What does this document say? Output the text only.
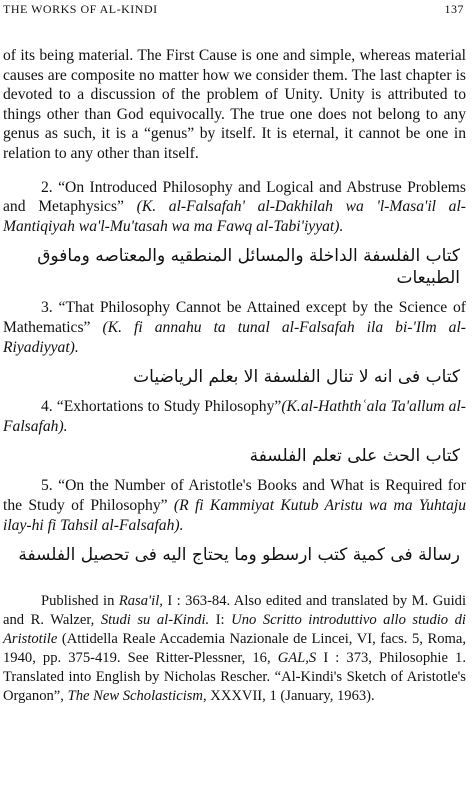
THE WORKS OF AL-KINDI	137

of its being material. The First Cause is one and simple, whereas material causes are composite no matter how we consider them. The last chapter is devoted to a discussion of the problem of Unity. Unity is attributed to things other than God equivocally. The true one does not belong to any genus as such, it is a “genus” by itself. It is eternal, it cannot be one in relation to any other than itself.

2. “On Introduced Philosophy and Logical and Abstruse Problems and Metaphysics” (K. al-Falsafah' al-Dakhilah wa 'l-Masa'il al-Mantiqiyah wa'l-Mu'tasah wa ma Fawq al-Tabi'iyyat).

كتاب الفلسفة الداخلة والمسائل المنطقيه والمعتاصه ومافوق الطبيعات

3. “That Philosophy Cannot be Attained except by the Science of Mathematics” (K. fi annahu ta tunal al-Falsafah ila bi-'Ilm al-Riyadiyyat).

كتاب فى انه لا تنال الفلسفة الا بعلم الرياضيات

4. “Exhortations to Study Philosophy”(K.al-Haththʿala Ta'allum al-Falsafah).

كتاب الحث على تعلم الفلسفة

5. “On the Number of Aristotle's Books and What is Required for the Study of Philosophy” (R fi Kammiyat Kutub Aristu wa ma Yuhtaju ilay-hi fi Tahsil al-Falsafah).

رسالة فى كمية كتب ارسطو وما يحتاج اليه فى تحصيل الفلسفة

Published in Rasa'il, I : 363-84. Also edited and translated by M. Guidi and R. Walzer, Studi su al-Kindi. I: Uno Scritto introduttivo allo studio di Aristotile (Attidella Reale Accademia Nazionale de Lincei, VI, facs. 5, Roma, 1940, pp. 375-419. See Ritter-Plessner, 16, GAL,S I : 373, Philosophie 1. Translated into English by Nicholas Rescher. “Al-Kindi's Sketch of Aristotle's Organon”, The New Scholasticism, XXXVII, 1 (January, 1963).
